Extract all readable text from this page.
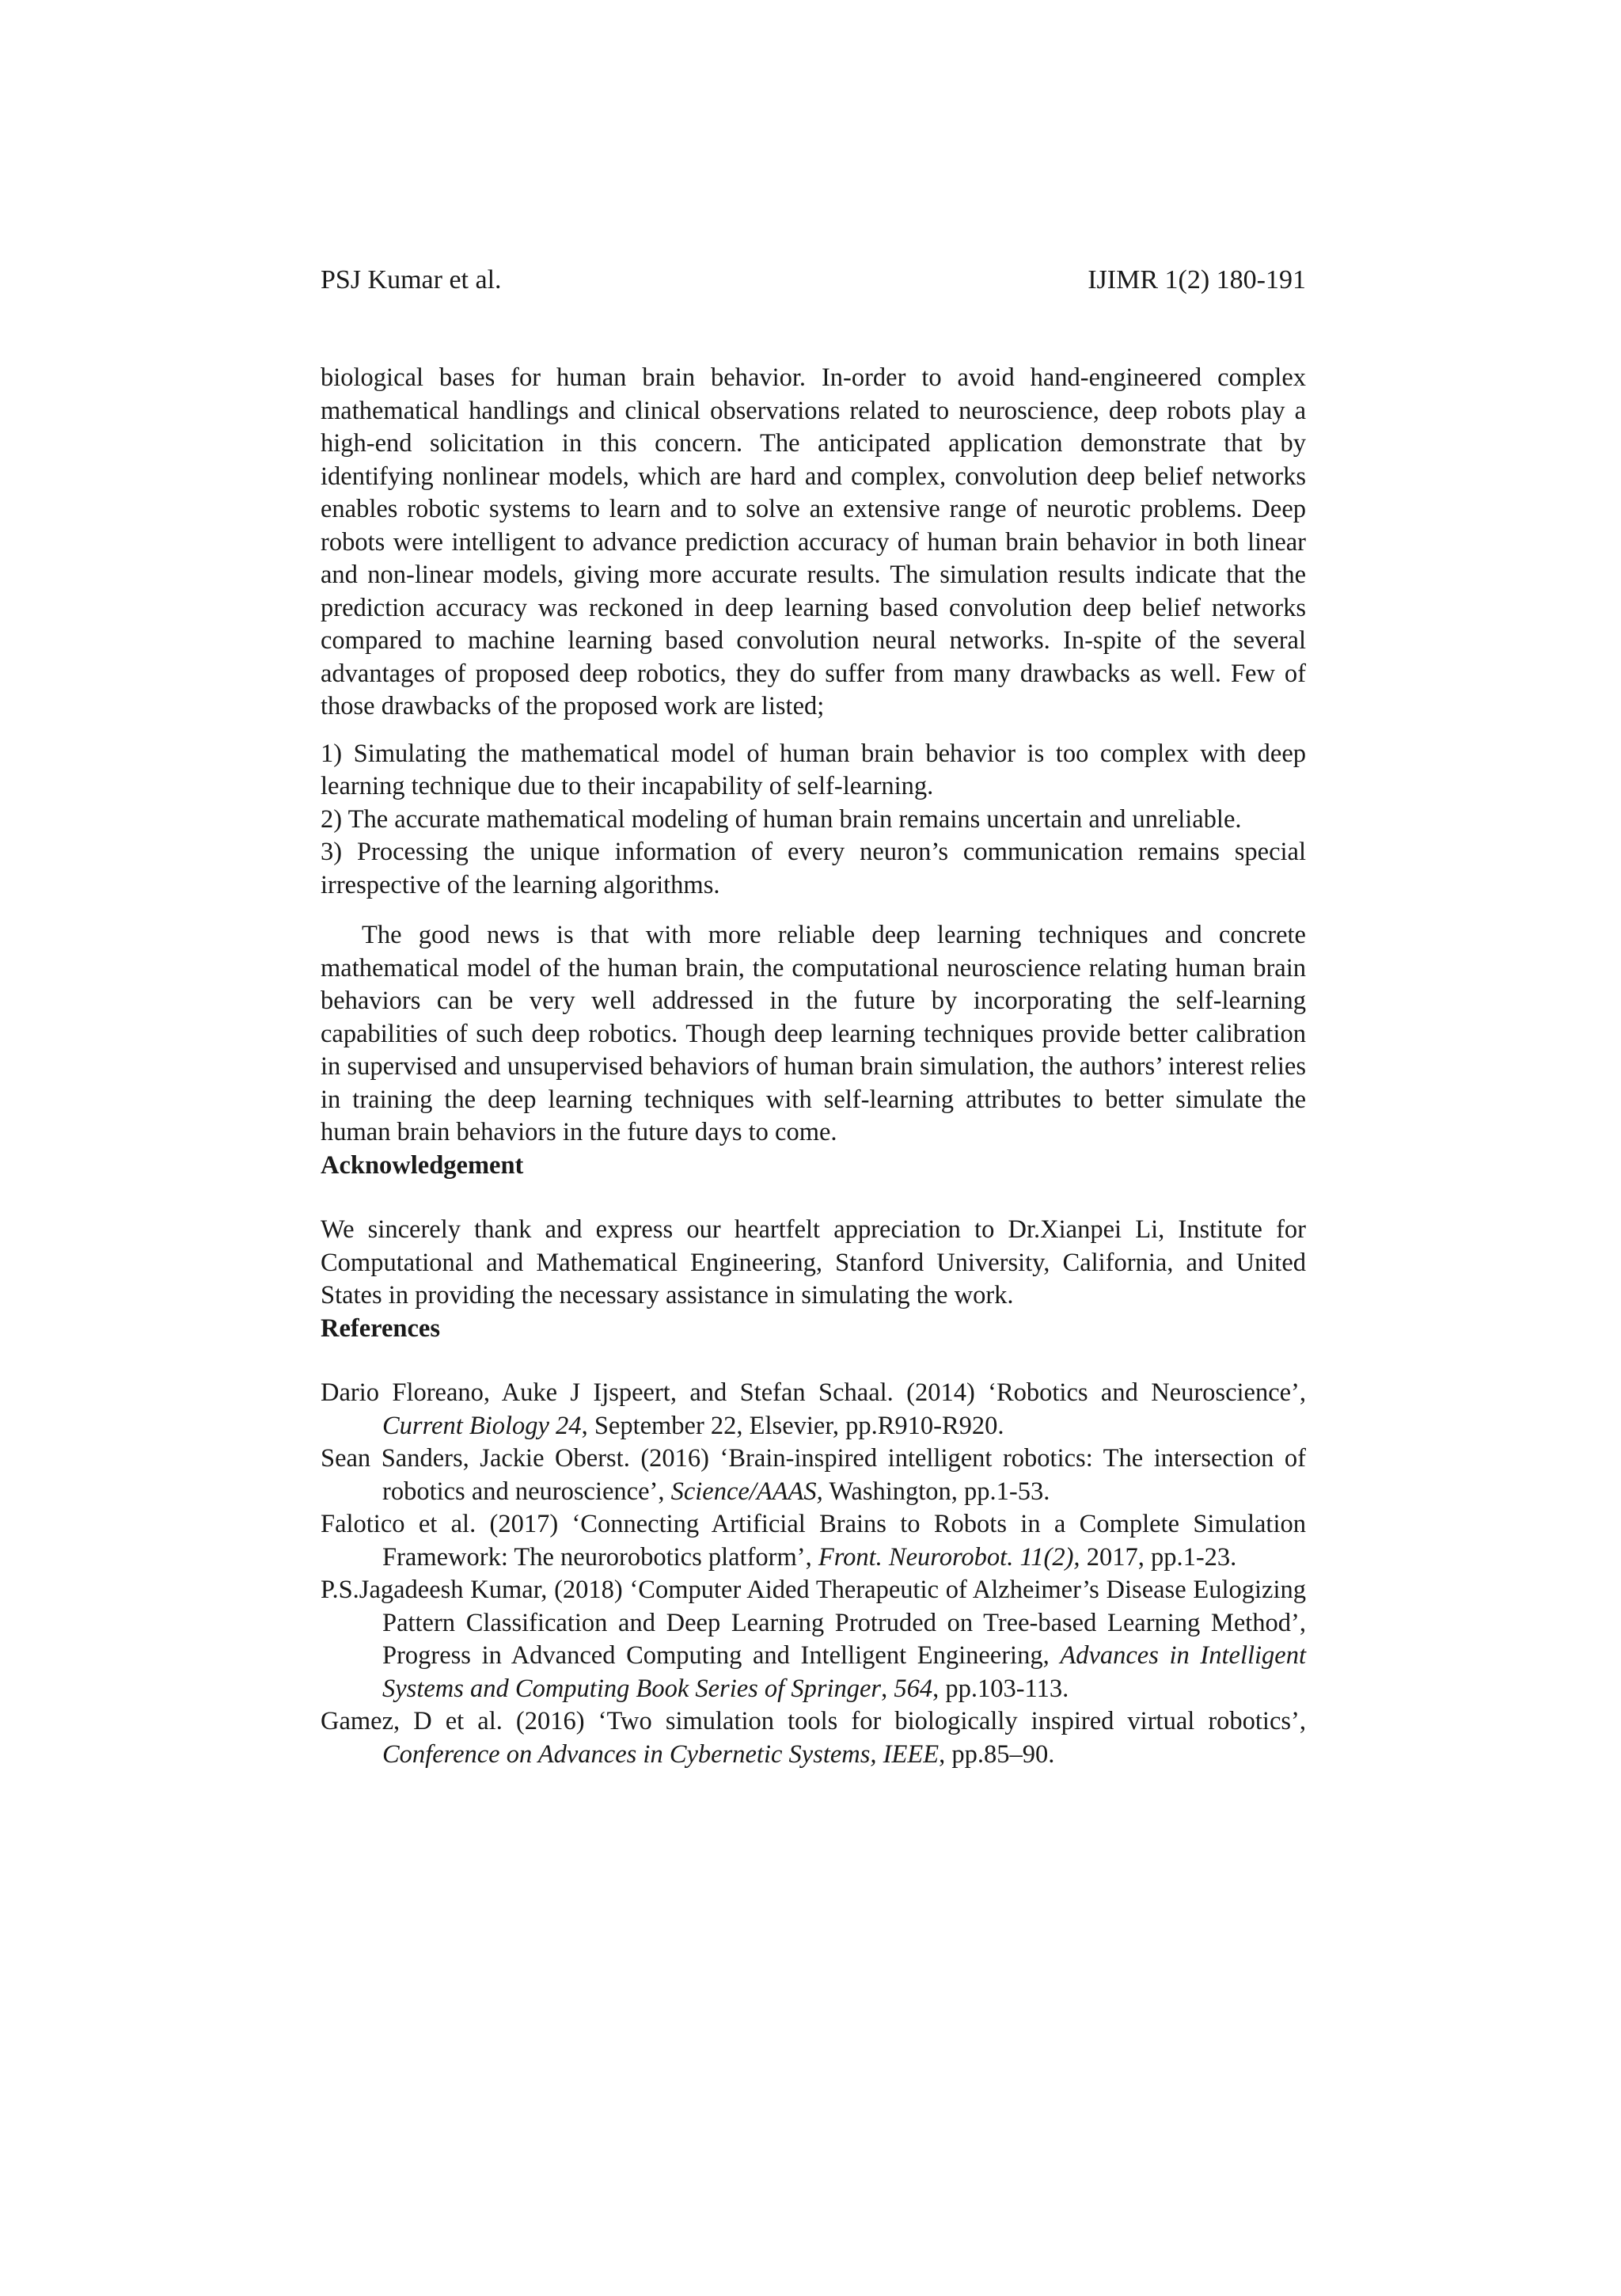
PSJ Kumar et al.	IJIMR 1(2) 180-191

biological bases for human brain behavior. In-order to avoid hand-engineered complex mathematical handlings and clinical observations related to neuroscience, deep robots play a high-end solicitation in this concern. The anticipated application demonstrate that by identifying nonlinear models, which are hard and complex, convolution deep belief networks enables robotic systems to learn and to solve an extensive range of neurotic problems. Deep robots were intelligent to advance prediction accuracy of human brain behavior in both linear and non-linear models, giving more accurate results. The simulation results indicate that the prediction accuracy was reckoned in deep learning based convolution deep belief networks compared to machine learning based convolution neural networks. In-spite of the several advantages of proposed deep robotics, they do suffer from many drawbacks as well. Few of those drawbacks of the proposed work are listed;

1) Simulating the mathematical model of human brain behavior is too complex with deep learning technique due to their incapability of self-learning.

2) The accurate mathematical modeling of human brain remains uncertain and unreliable.

3) Processing the unique information of every neuron’s communication remains special irrespective of the learning algorithms.

The good news is that with more reliable deep learning techniques and concrete mathematical model of the human brain, the computational neuroscience relating human brain behaviors can be very well addressed in the future by incorporating the self-learning capabilities of such deep robotics. Though deep learning techniques provide better calibration in supervised and unsupervised behaviors of human brain simulation, the authors’ interest relies in training the deep learning techniques with self-learning attributes to better simulate the human brain behaviors in the future days to come.

Acknowledgement

We sincerely thank and express our heartfelt appreciation to Dr.Xianpei Li, Institute for Computational and Mathematical Engineering, Stanford University, California, and United States in providing the necessary assistance in simulating the work.

References

Dario Floreano, Auke J Ijspeert, and Stefan Schaal. (2014) ‘Robotics and Neuroscience’, Current Biology 24, September 22, Elsevier, pp.R910-R920.

Sean Sanders, Jackie Oberst. (2016) ‘Brain-inspired intelligent robotics: The intersection of robotics and neuroscience’, Science/AAAS, Washington, pp.1-53.

Falotico et al. (2017) ‘Connecting Artificial Brains to Robots in a Complete Simulation Framework: The neurorobotics platform’, Front. Neurorobot. 11(2), 2017, pp.1-23.

P.S.Jagadeesh Kumar, (2018) ‘Computer Aided Therapeutic of Alzheimer’s Disease Eulogizing Pattern Classification and Deep Learning Protruded on Tree-based Learning Method’, Progress in Advanced Computing and Intelligent Engineering, Advances in Intelligent Systems and Computing Book Series of Springer, 564, pp.103-113.

Gamez, D et al. (2016) ‘Two simulation tools for biologically inspired virtual robotics’, Conference on Advances in Cybernetic Systems, IEEE, pp.85–90.
